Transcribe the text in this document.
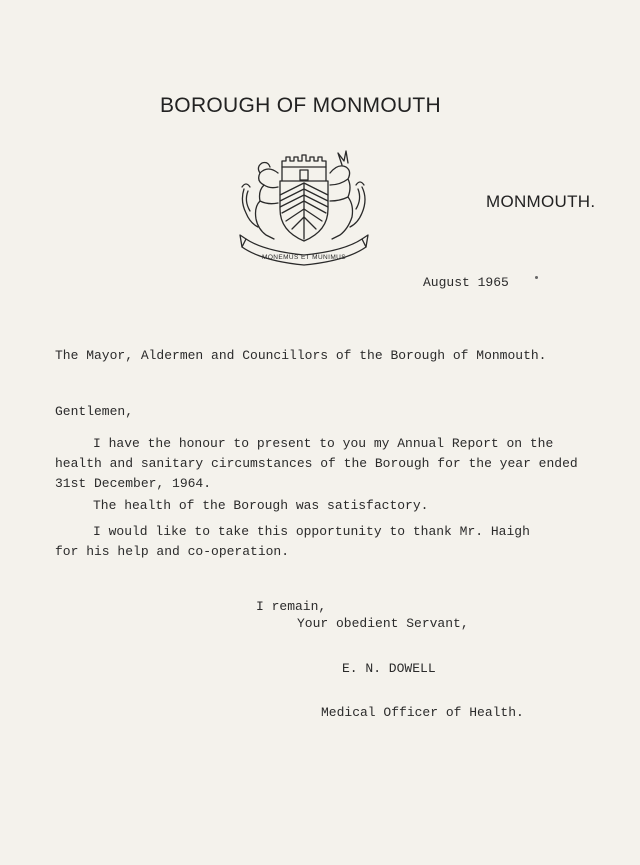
BOROUGH OF MONMOUTH
MONEMUS ET MUNIMUS
MONMOUTH.
August 1965
The Mayor, Aldermen and Councillors of the Borough of Monmouth.
Gentlemen,
I have the honour to present to you my Annual Report on the
health and sanitary circumstances of the Borough for the year ended
31st December, 1964.
The health of the Borough was satisfactory.
I would like to take this opportunity to thank Mr. Haigh
for his help and co-operation.
I remain,
Your obedient Servant,
E. N. DOWELL
Medical Officer of Health.
